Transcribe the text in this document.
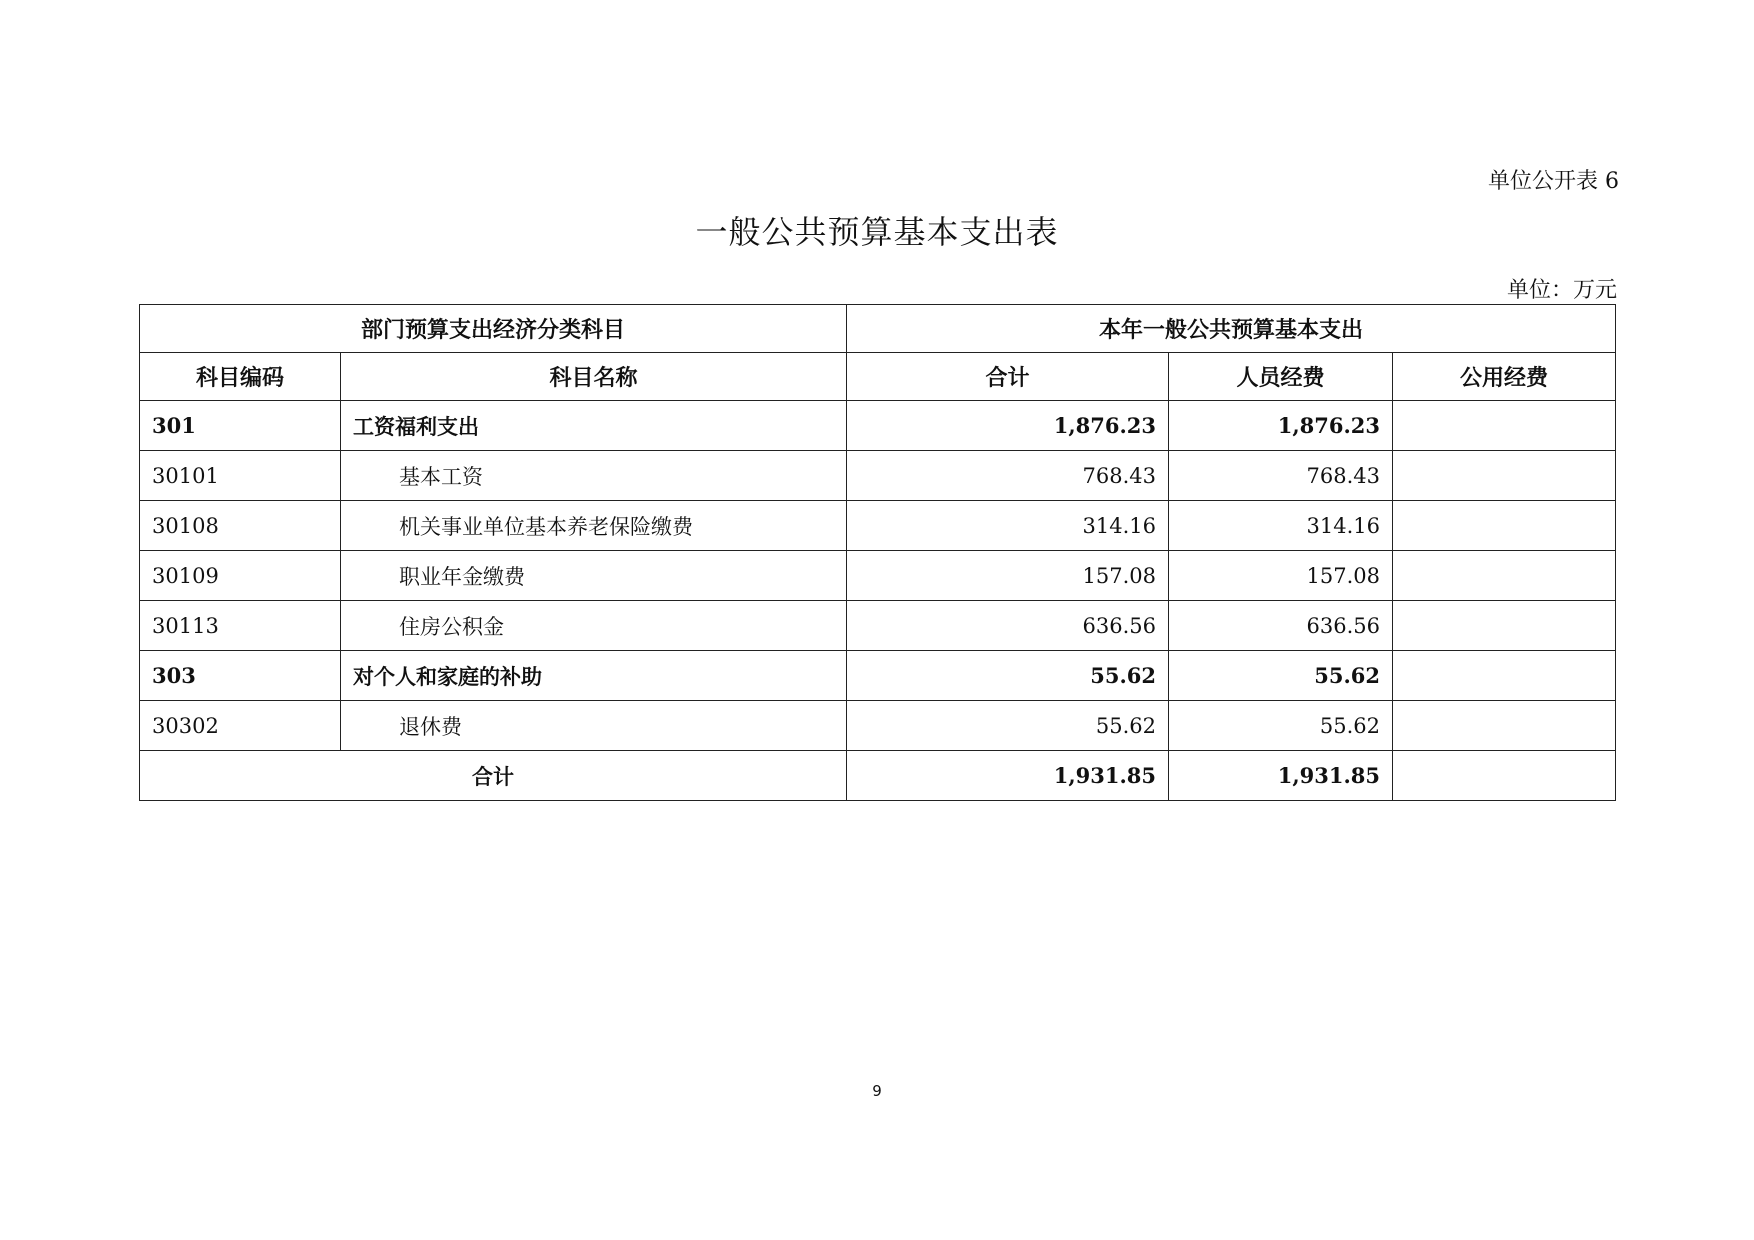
单位公开表 6
一般公共预算基本支出表
单位：万元
部门预算支出经济分类科目		本年一般公共预算基本支出		
科目编码	科目名称	合计	人员经费	公用经费
301	工资福利支出	1,876.23	1,876.23	
30101	基本工资	768.43	768.43	
30108	机关事业单位基本养老保险缴费	314.16	314.16	
30109	职业年金缴费	157.08	157.08	
30113	住房公积金	636.56	636.56	
303	对个人和家庭的补助	55.62	55.62	
30302	退休费	55.62	55.62	
合计		1,931.85	1,931.85	
9
